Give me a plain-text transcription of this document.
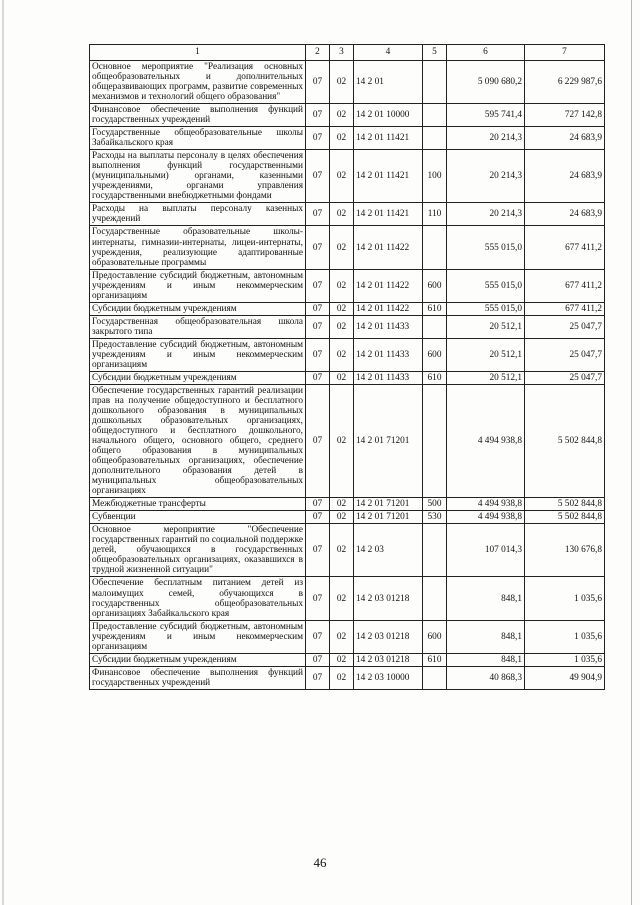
1	2	3	4	5	6	7
Основное мероприятие "Реализация основных общеобразовательных и дополнительных общеразвивающих программ, развитие современных механизмов и технологий общего образования"	07	02	14 2 01		5 090 680,2	6 229 987,6
Финансовое обеспечение выполнения функций государственных учреждений	07	02	14 2 01 10000		595 741,4	727 142,8
Государственные общеобразовательные школы Забайкальского края	07	02	14 2 01 11421		20 214,3	24 683,9
Расходы на выплаты персоналу в целях обеспечения выполнения функций государственными (муниципальными) органами, казенными учреждениями, органами управления государственными внебюджетными фондами	07	02	14 2 01 11421	100	20 214,3	24 683,9
Расходы на выплаты персоналу казенных учреждений	07	02	14 2 01 11421	110	20 214,3	24 683,9
Государственные образовательные школы-интернаты, гимназии-интернаты, лицеи-интернаты, учреждения, реализующие адаптированные образовательные программы	07	02	14 2 01 11422		555 015,0	677 411,2
Предоставление субсидий бюджетным, автономным учреждениям и иным некоммерческим организациям	07	02	14 2 01 11422	600	555 015,0	677 411,2
Субсидии бюджетным учреждениям	07	02	14 2 01 11422	610	555 015,0	677 411,2
Государственная общеобразовательная школа закрытого типа	07	02	14 2 01 11433		20 512,1	25 047,7
Предоставление субсидий бюджетным, автономным учреждениям и иным некоммерческим организациям	07	02	14 2 01 11433	600	20 512,1	25 047,7
Субсидии бюджетным учреждениям	07	02	14 2 01 11433	610	20 512,1	25 047,7
Обеспечение государственных гарантий реализации прав на получение общедоступного и бесплатного дошкольного образования в муниципальных дошкольных образовательных организациях, общедоступного и бесплатного дошкольного, начального общего, основного общего, среднего общего образования в муниципальных общеобразовательных организациях, обеспечение дополнительного образования детей в муниципальных общеобразовательных организациях	07	02	14 2 01 71201		4 494 938,8	5 502 844,8
Межбюджетные трансферты	07	02	14 2 01 71201	500	4 494 938,8	5 502 844,8
Субвенции	07	02	14 2 01 71201	530	4 494 938,8	5 502 844,8
Основное мероприятие "Обеспечение государственных гарантий по социальной поддержке детей, обучающихся в государственных общеобразовательных организациях, оказавшихся в трудной жизненной ситуации"	07	02	14 2 03		107 014,3	130 676,8
Обеспечение бесплатным питанием детей из малоимущих семей, обучающихся в государственных общеобразовательных организациях Забайкальского края	07	02	14 2 03 01218		848,1	1 035,6
Предоставление субсидий бюджетным, автономным учреждениям и иным некоммерческим организациям	07	02	14 2 03 01218	600	848,1	1 035,6
Субсидии бюджетным учреждениям	07	02	14 2 03 01218	610	848,1	1 035,6
Финансовое обеспечение выполнения функций государственных учреждений	07	02	14 2 03 10000		40 868,3	49 904,9
46
